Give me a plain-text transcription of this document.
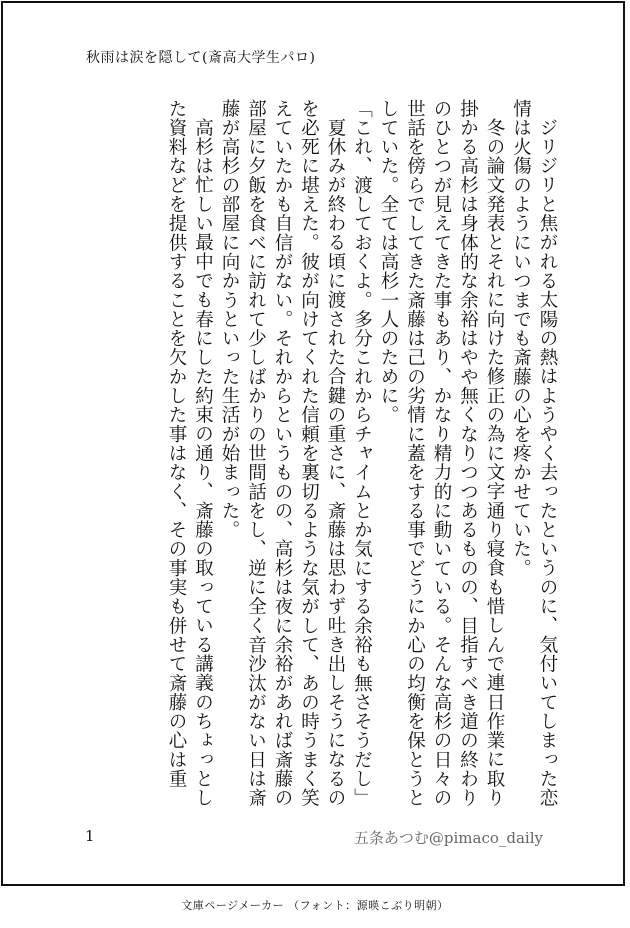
秋雨は涙を隠して(斎高大学生パロ)

ジリジリと焦がれる太陽の熱はようやく去ったというのに、気付いてしまった恋情は火傷のようにいつまでも斎藤の心を疼かせていた。

冬の論文発表とそれに向けた修正の為に文字通り寝食も惜しんで連日作業に取り掛かる高杉は身体的な余裕はやや無くなりつつあるものの、目指すべき道の終わりのひとつが見えてきた事もあり、かなり精力的に動いている。そんな高杉の日々の世話を傍らでしてきた斎藤は己の劣情に蓋をする事でどうにか心の均衡を保とうとしていた。全ては高杉一人のために。

「これ、渡しておくよ。多分これからチャイムとか気にする余裕も無さそうだし」

夏休みが終わる頃に渡された合鍵の重さに、斎藤は思わず吐き出しそうになるのを必死に堪えた。彼が向けてくれた信頼を裏切るような気がして、あの時うまく笑えていたかも自信がない。それからというものの、高杉は夜に余裕があれば斎藤の部屋に夕飯を食べに訪れて少しばかりの世間話をし、逆に全く音沙汰がない日は斎藤が高杉の部屋に向かうといった生活が始まった。

高杉は忙しい最中でも春にした約束の通り、斎藤の取っている講義のちょっとした資料などを提供することを欠かした事はなく、その事実も併せて斎藤の心は重

1	五条あつむ@pimaco_daily
文庫ページメーカー （フォント：源暎こぶり明朝）
